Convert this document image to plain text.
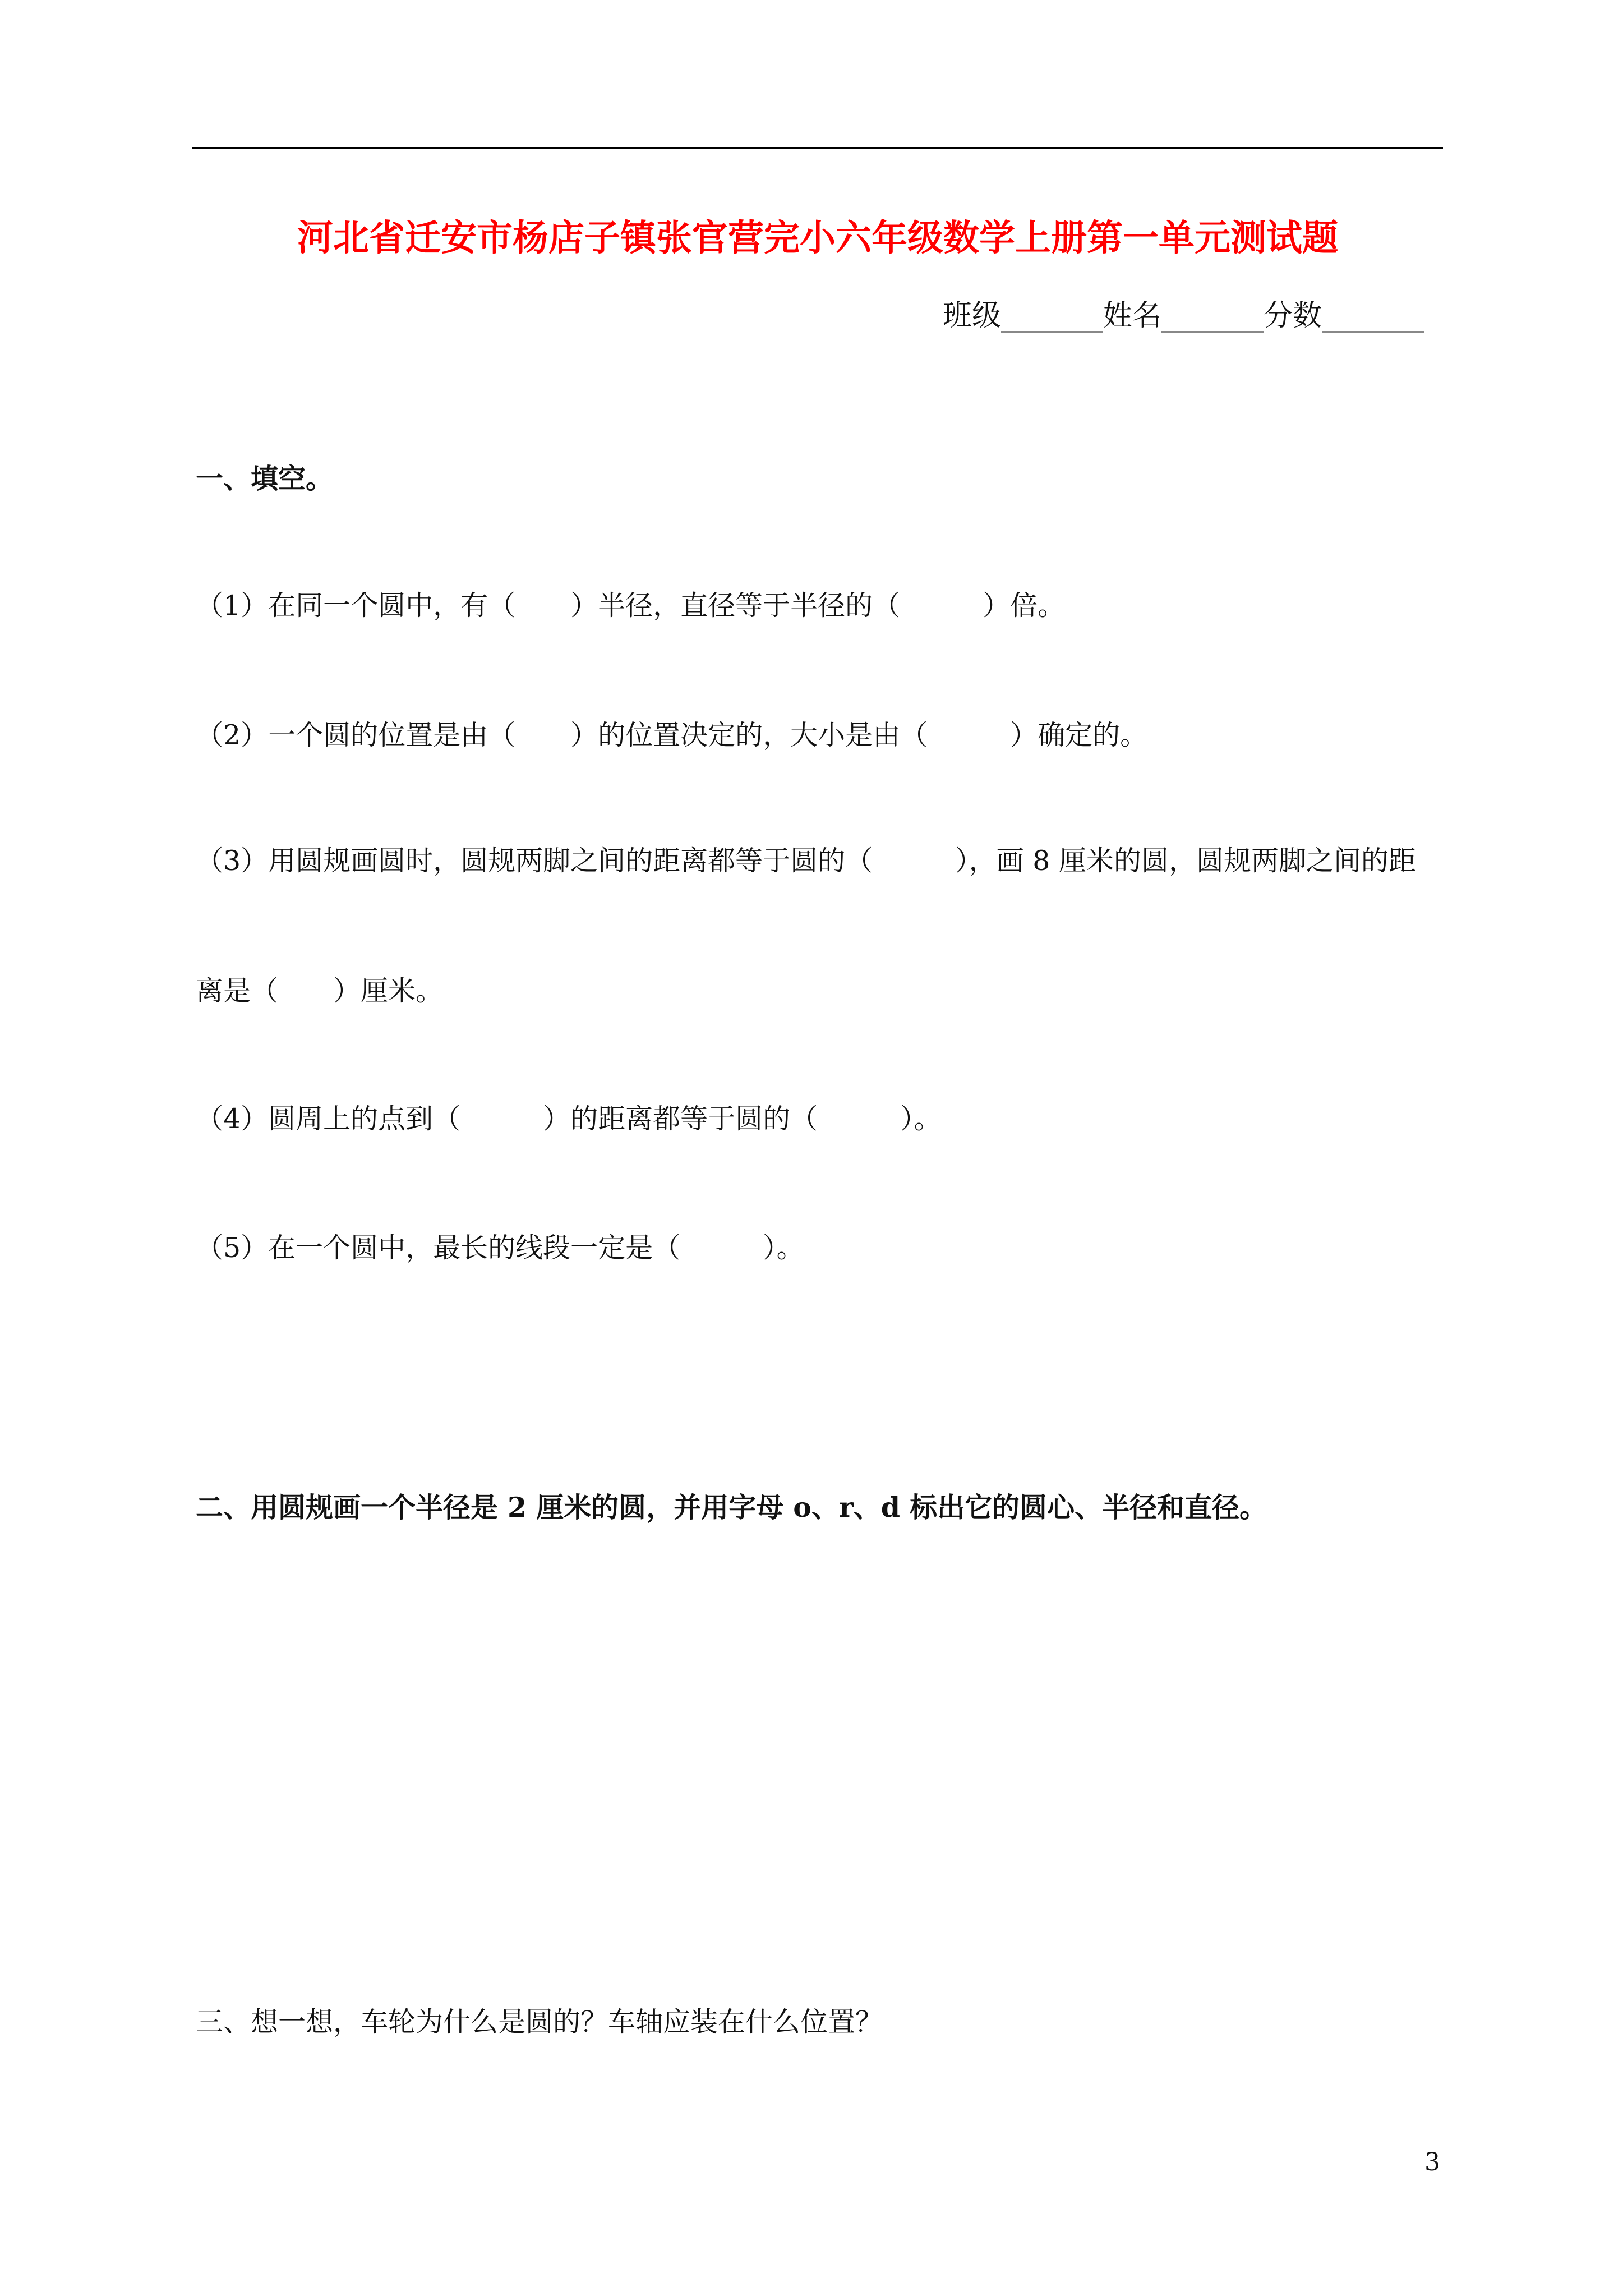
河北省迁安市杨店子镇张官营完小六年级数学上册第一单元测试题
班级_______姓名_______分数_______
一、填空。
（1）在同一个圆中，有（　　）半径，直径等于半径的（　　　）倍。
（2）一个圆的位置是由（　　）的位置决定的，大小是由（　　　）确定的。
（3）用圆规画圆时，圆规两脚之间的距离都等于圆的（　　　），画 8 厘米的圆，圆规两脚之间的距
离是（　　）厘米。
（4）圆周上的点到（　　　）的距离都等于圆的（　　　）。
（5）在一个圆中，最长的线段一定是（　　　）。
二、用圆规画一个半径是 2 厘米的圆，并用字母 o、r、d 标出它的圆心、半径和直径。
三、想一想，车轮为什么是圆的？车轴应装在什么位置？
3
